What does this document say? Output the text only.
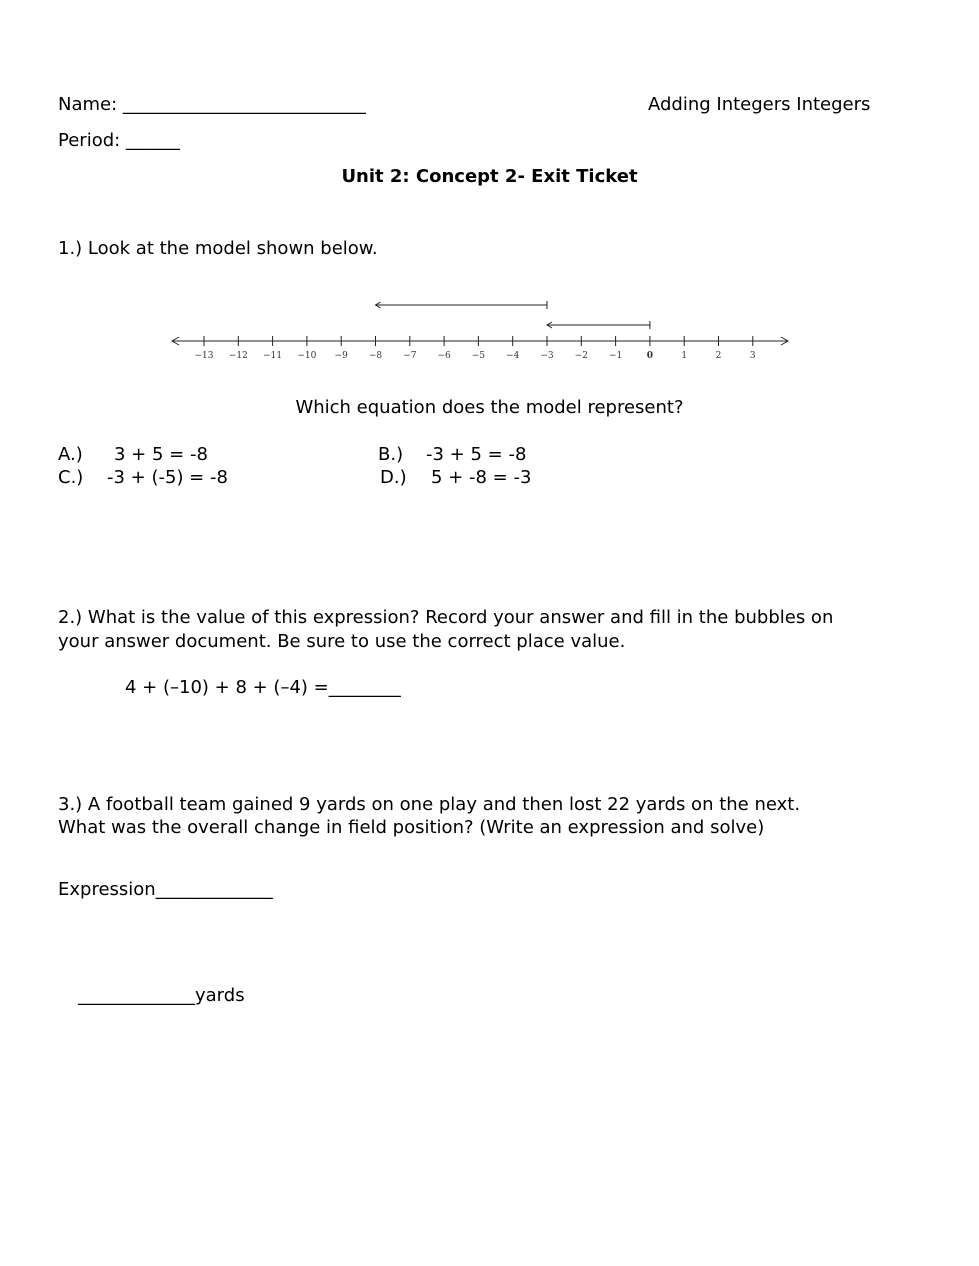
Name: ___________________________	Adding Integers Integers
Period: ______
Unit 2: Concept 2- Exit Ticket
1.) Look at the model shown below.
−13 −12 −11 −10 −9 −8 −7 −6 −5 −4 −3 −2 −1	0	1	2	3
Which equation does the model represent?
A.) 3 + 5 = -8	B.) -3 + 5 = -8
C.) -3 + (-5) = -8	D.) 5 + -8 = -3
2.) What is the value of this expression? Record your answer and fill in the bubbles on
your answer document. Be sure to use the correct place value.
4 + (–10) + 8 + (–4) =________
3.) A football team gained 9 yards on one play and then lost 22 yards on the next.
What was the overall change in field position? (Write an expression and solve)
Expression_____________
_____________yards
